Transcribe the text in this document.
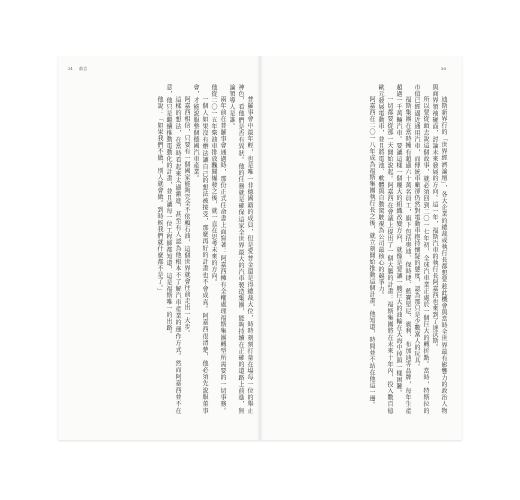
31 前言

普羅事會中最年輕，也是唯一非德國籍的成員，但是愛普金還是得總裁大位，時時刻刻打量在場每一位的舉止神色，看他們是否有異狀。他的任務就是確保這家全世界最大的汽車製造集團，能夠持續在正確的道路上前進，無論領導人是誰。

兩年前在普羅事會通過時，那份正式任命書上面寫著：阿嘉西擁有全權處理福斯集團轉型所需要的一切事務。他從二〇一五年柴油車排放醜聞爆發之後，就一直在思考未來的方向。

一個人如果沒有辦法讓自己的想法被接受，那麼再好的計畫也不會成真。阿嘉西很清楚，他必須先說服董事會，才能說服整個德國汽車產業。

阿嘉西相信，只要有一個國家能夠完全不依賴石油，這個世界就會往前走出一大步。

這樣的想法，在當時看起來太過激進，甚至有人認為他根本不了解汽車產業的運作方式。然而阿嘉西並不在意，他只是繼續推動電動化的計畫，並且讓每一位工程師都知道，這是福斯唯一的出路。

他說：「如果我們不做，別人就會做。到時候我們就什麼都不是了。」

30

迪斯新界行的「世界經濟論壇」，各大企業的總裁或執行長都想要趁此機會與當時全世界最有影響力的政治人物與商界領袖碰面，討論未來發展的方向。這一年，福斯汽車的執行長阿嘉西也來到了達沃斯。

所以要從頭去說這個故事，就必須回到二〇一七年初，全球汽車業正處於一個巨大的轉折點。當時，特斯拉的市值已經逼近通用汽車，而傳統車廠卻仍然對電動車抱持懷疑的態度，認為那只是少數富人的玩具。

福斯集團在當時擁有超過六十萬名員工，旗下包括奧迪、保時捷、藍寶堅尼、賓利、布加迪等品牌，每年生產超過一千萬輛汽車。要讓這樣一個龐大的組織改變方向，就像是要讓一艘巨大的油輪在大海中掉頭一樣困難。

一切都要從那一天開始說起。阿嘉西在會議上提出了一個大膽的計畫：福斯集團將在未來十年內，投入數百億歐元發展電動車，並且將電池、軟體與自動駕駛視為公司最核心的競爭力。

阿嘉西在二〇一八年成為福斯集團執行長之後，就立刻開始推動這個計畫。他知道，時間並不站在他這一邊。
